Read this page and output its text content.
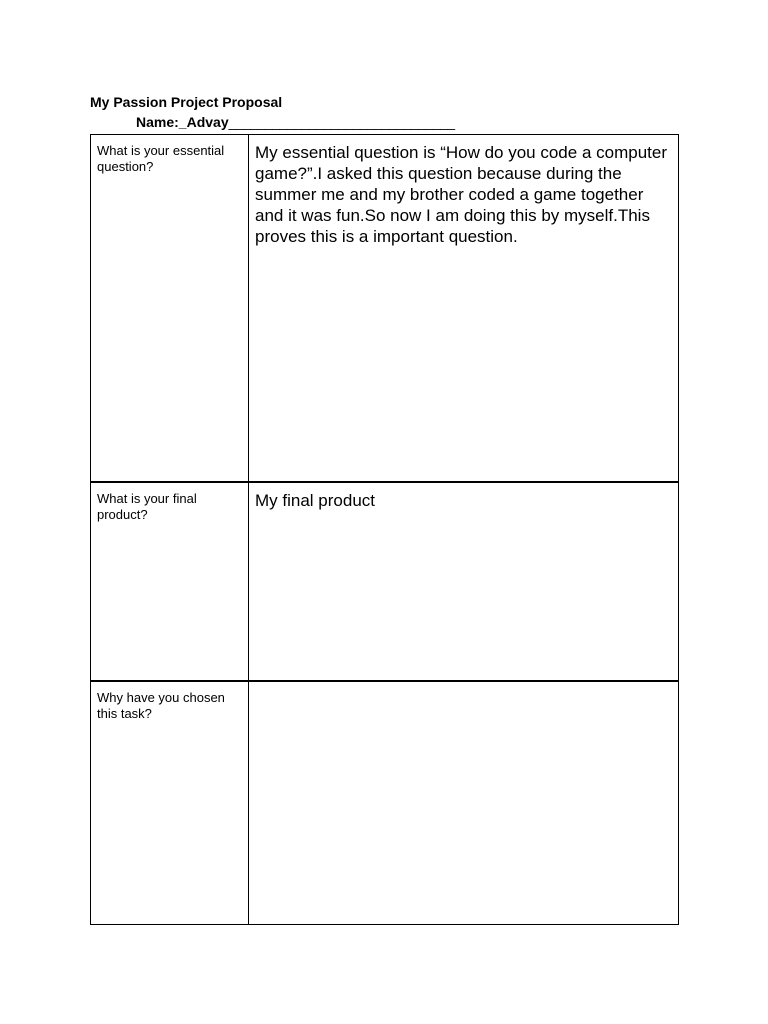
My Passion Project Proposal
Name:_Advay_______________________________
What is your essential question?	My essential question is “How do you code a computer game?”.I asked this question because during the summer me and my brother coded a game together and it was fun.So now I am doing this by myself.This proves this is a important question.

What is your final product?	My final product

Why have you chosen this task?	
